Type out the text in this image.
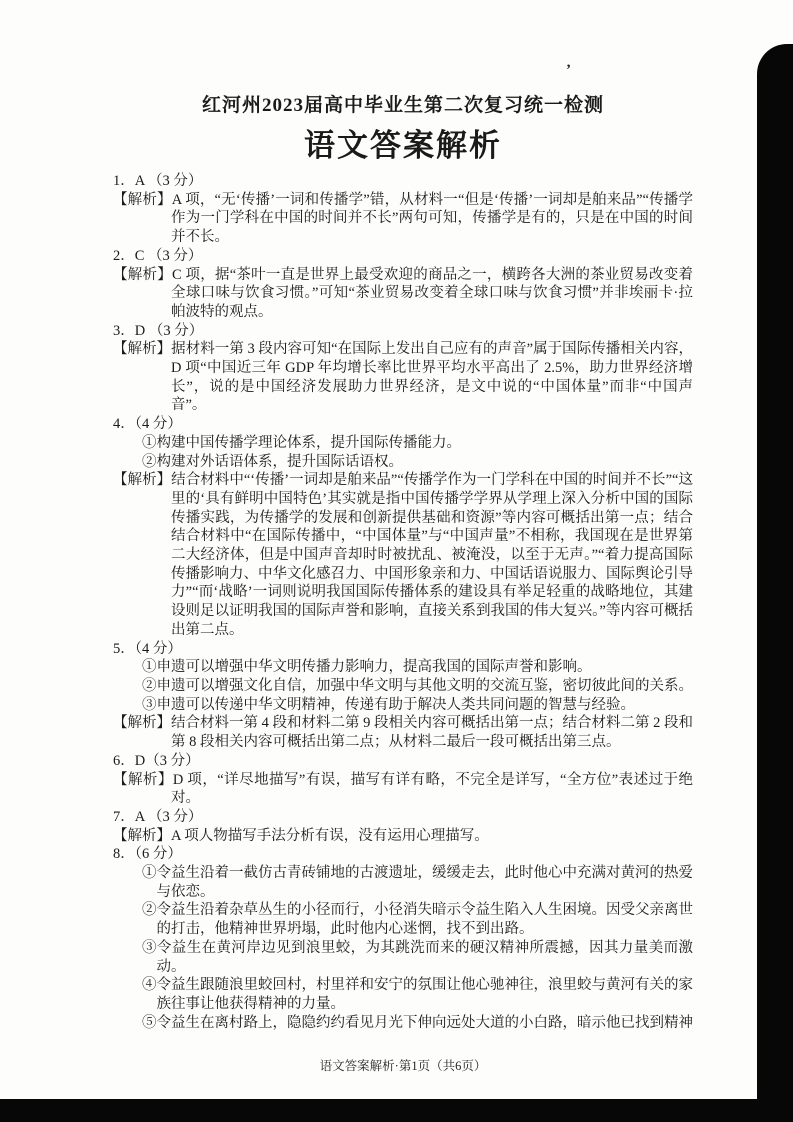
’
红河州2023届高中毕业生第二次复习统一检测
语文答案解析
1．A （3 分）
【解析】A 项，“无‘传播’一词和传播学”错，从材料一“但是‘传播’一词却是舶来品”“传播学作为一门学科在中国的时间并不长”两句可知，传播学是有的，只是在中国的时间并不长。
2．C （3 分）
【解析】C 项，据“茶叶一直是世界上最受欢迎的商品之一，横跨各大洲的茶业贸易改变着全球口味与饮食习惯。”可知“茶业贸易改变着全球口味与饮食习惯”并非埃丽卡·拉帕波特的观点。
3．D （3 分）
【解析】据材料一第 3 段内容可知“在国际上发出自己应有的声音”属于国际传播相关内容，D 项“中国近三年 GDP 年均增长率比世界平均水平高出了 2.5%，助力世界经济增长”，说的是中国经济发展助力世界经济，是文中说的“中国体量”而非“中国声音”。
4．（4 分）
①构建中国传播学理论体系，提升国际传播能力。
②构建对外话语体系，提升国际话语权。
【解析】结合材料中“‘传播’一词却是舶来品”“传播学作为一门学科在中国的时间并不长”“这里的‘具有鲜明中国特色’其实就是指中国传播学学界从学理上深入分析中国的国际传播实践，为传播学的发展和创新提供基础和资源”等内容可概括出第一点；结合结合材料中“在国际传播中，“中国体量”与“中国声量”不相称，我国现在是世界第二大经济体，但是中国声音却时时被扰乱、被淹没，以至于无声。”“着力提高国际传播影响力、中华文化感召力、中国形象亲和力、中国话语说服力、国际舆论引导力”“而‘战略’一词则说明我国国际传播体系的建设具有举足轻重的战略地位，其建设则足以证明我国的国际声誉和影响，直接关系到我国的伟大复兴。”等内容可概括出第二点。
5．（4 分）
①申遗可以增强中华文明传播力影响力，提高我国的国际声誉和影响。
②申遗可以增强文化自信，加强中华文明与其他文明的交流互鉴，密切彼此间的关系。
③申遗可以传递中华文明精神，传递有助于解决人类共同问题的智慧与经验。
【解析】结合材料一第 4 段和材料二第 9 段相关内容可概括出第一点；结合材料二第 2 段和第 8 段相关内容可概括出第二点；从材料二最后一段可概括出第三点。
6．D（3 分）
【解析】D 项，“详尽地描写”有误，描写有详有略，不完全是详写，“全方位”表述过于绝对。
7．A （3 分）
【解析】A 项人物描写手法分析有误，没有运用心理描写。
8．（6 分）
①令益生沿着一截仿古青砖铺地的古渡遗址，缓缓走去，此时他心中充满对黄河的热爱与依恋。
②令益生沿着杂草丛生的小径而行，小径消失暗示令益生陷入人生困境。因受父亲离世的打击，他精神世界坍塌，此时他内心迷惘，找不到出路。
③令益生在黄河岸边见到浪里蛟，为其跳洗而来的硬汉精神所震撼，因其力量美而激动。
④令益生跟随浪里蛟回村，村里祥和安宁的氛围让他心驰神往，浪里蛟与黄河有关的家族往事让他获得精神的力量。
⑤令益生在离村路上，隐隐约约看见月光下伸向远处大道的小白路，暗示他已找到精神
语文答案解析·第1页（共6页）
